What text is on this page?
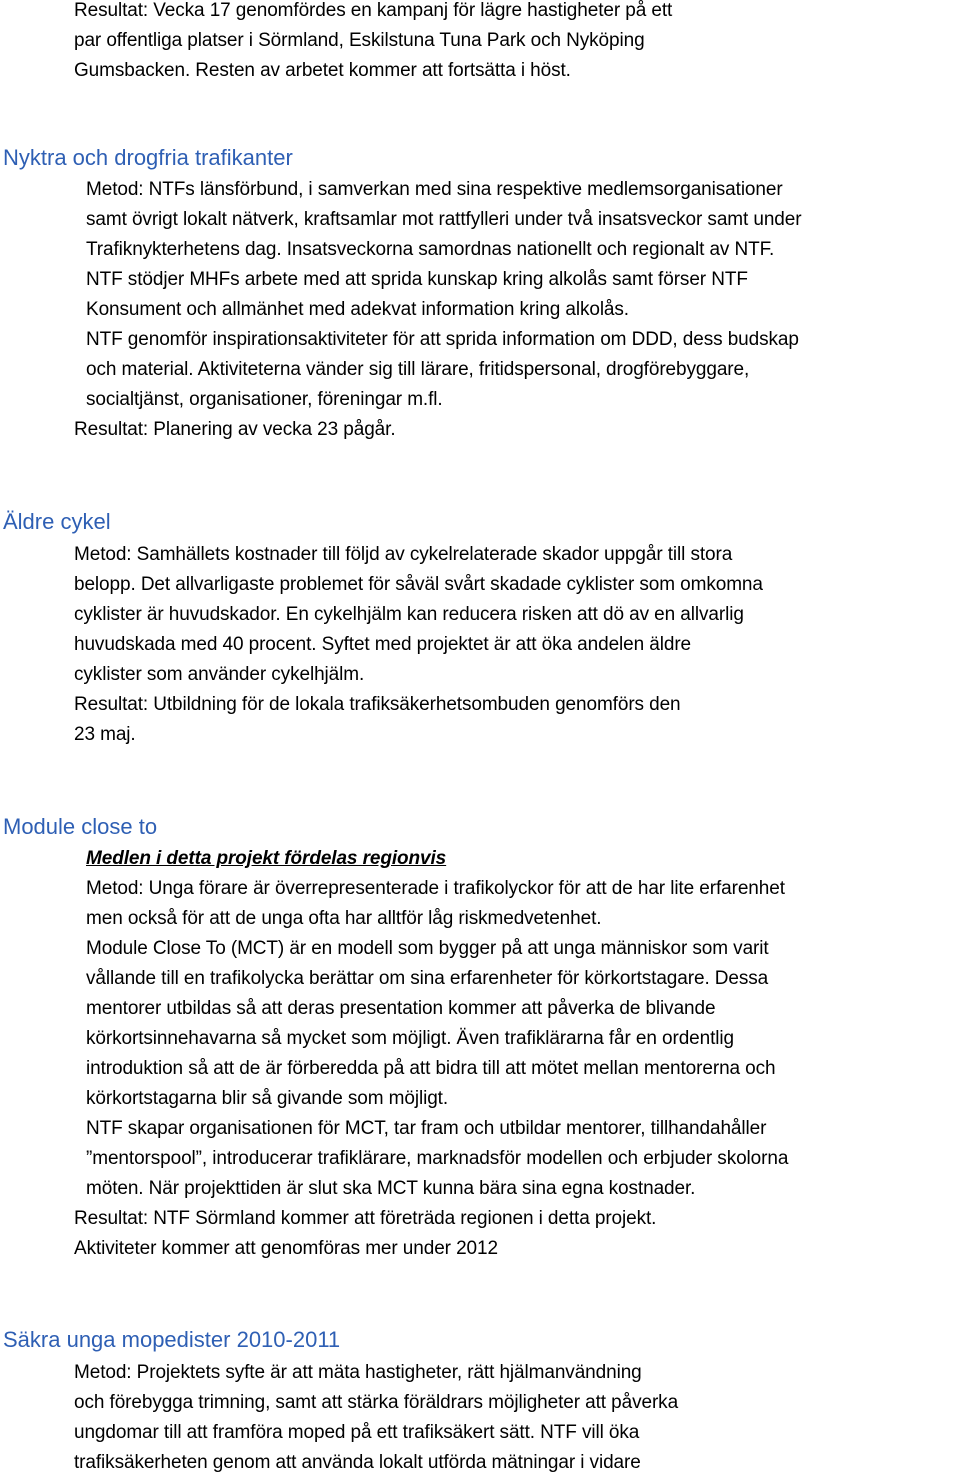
Resultat: Vecka 17 genomfördes en kampanj för lägre hastigheter på ett
par offentliga platser i Sörmland, Eskilstuna Tuna Park och Nyköping
Gumsbacken. Resten av arbetet kommer att fortsätta i höst.
Nyktra och drogfria trafikanter
Metod: NTFs länsförbund, i samverkan med sina respektive medlemsorganisationer
samt övrigt lokalt nätverk, kraftsamlar mot rattfylleri under två insatsveckor samt under
Trafiknykterhetens dag. Insatsveckorna samordnas nationellt och regionalt av NTF.
NTF stödjer MHFs arbete med att sprida kunskap kring alkolås samt förser NTF
Konsument och allmänhet med adekvat information kring alkolås.
NTF genomför inspirationsaktiviteter för att sprida information om DDD, dess budskap
och material. Aktiviteterna vänder sig till lärare, fritidspersonal, drogförebyggare,
socialtjänst, organisationer, föreningar m.fl.
Resultat: Planering av vecka 23 pågår.
Äldre cykel
Metod: Samhällets kostnader till följd av cykelrelaterade skador uppgår till stora
belopp. Det allvarligaste problemet för såväl svårt skadade cyklister som omkomna
cyklister är huvudskador. En cykelhjälm kan reducera risken att dö av en allvarlig
huvudskada med 40 procent. Syftet med projektet är att öka andelen äldre
cyklister som använder cykelhjälm.
Resultat: Utbildning för de lokala trafiksäkerhetsombuden genomförs den
23 maj.
Module close to
Medlen i detta projekt fördelas regionvis
Metod: Unga förare är överrepresenterade i trafikolyckor för att de har lite erfarenhet
men också för att de unga ofta har alltför låg riskmedvetenhet.
Module Close To (MCT) är en modell som bygger på att unga människor som varit
vållande till en trafikolycka berättar om sina erfarenheter för körkortstagare. Dessa
mentorer utbildas så att deras presentation kommer att påverka de blivande
körkortsinnehavarna så mycket som möjligt. Även trafiklärarna får en ordentlig
introduktion så att de är förberedda på att bidra till att mötet mellan mentorerna och
körkortstagarna blir så givande som möjligt.
NTF skapar organisationen för MCT, tar fram och utbildar mentorer, tillhandahåller
”mentorspool”, introducerar trafiklärare, marknadsför modellen och erbjuder skolorna
möten. När projekttiden är slut ska MCT kunna bära sina egna kostnader.
Resultat: NTF Sörmland kommer att företräda regionen i detta projekt.
Aktiviteter kommer att genomföras mer under 2012
Säkra unga mopedister 2010-2011
Metod: Projektets syfte är att mäta hastigheter, rätt hjälmanvändning
och förebygga trimning, samt att stärka föräldrars möjligheter att påverka
ungdomar till att framföra moped på ett trafiksäkert sätt. NTF vill öka
trafiksäkerheten genom att använda lokalt utförda mätningar i vidare
